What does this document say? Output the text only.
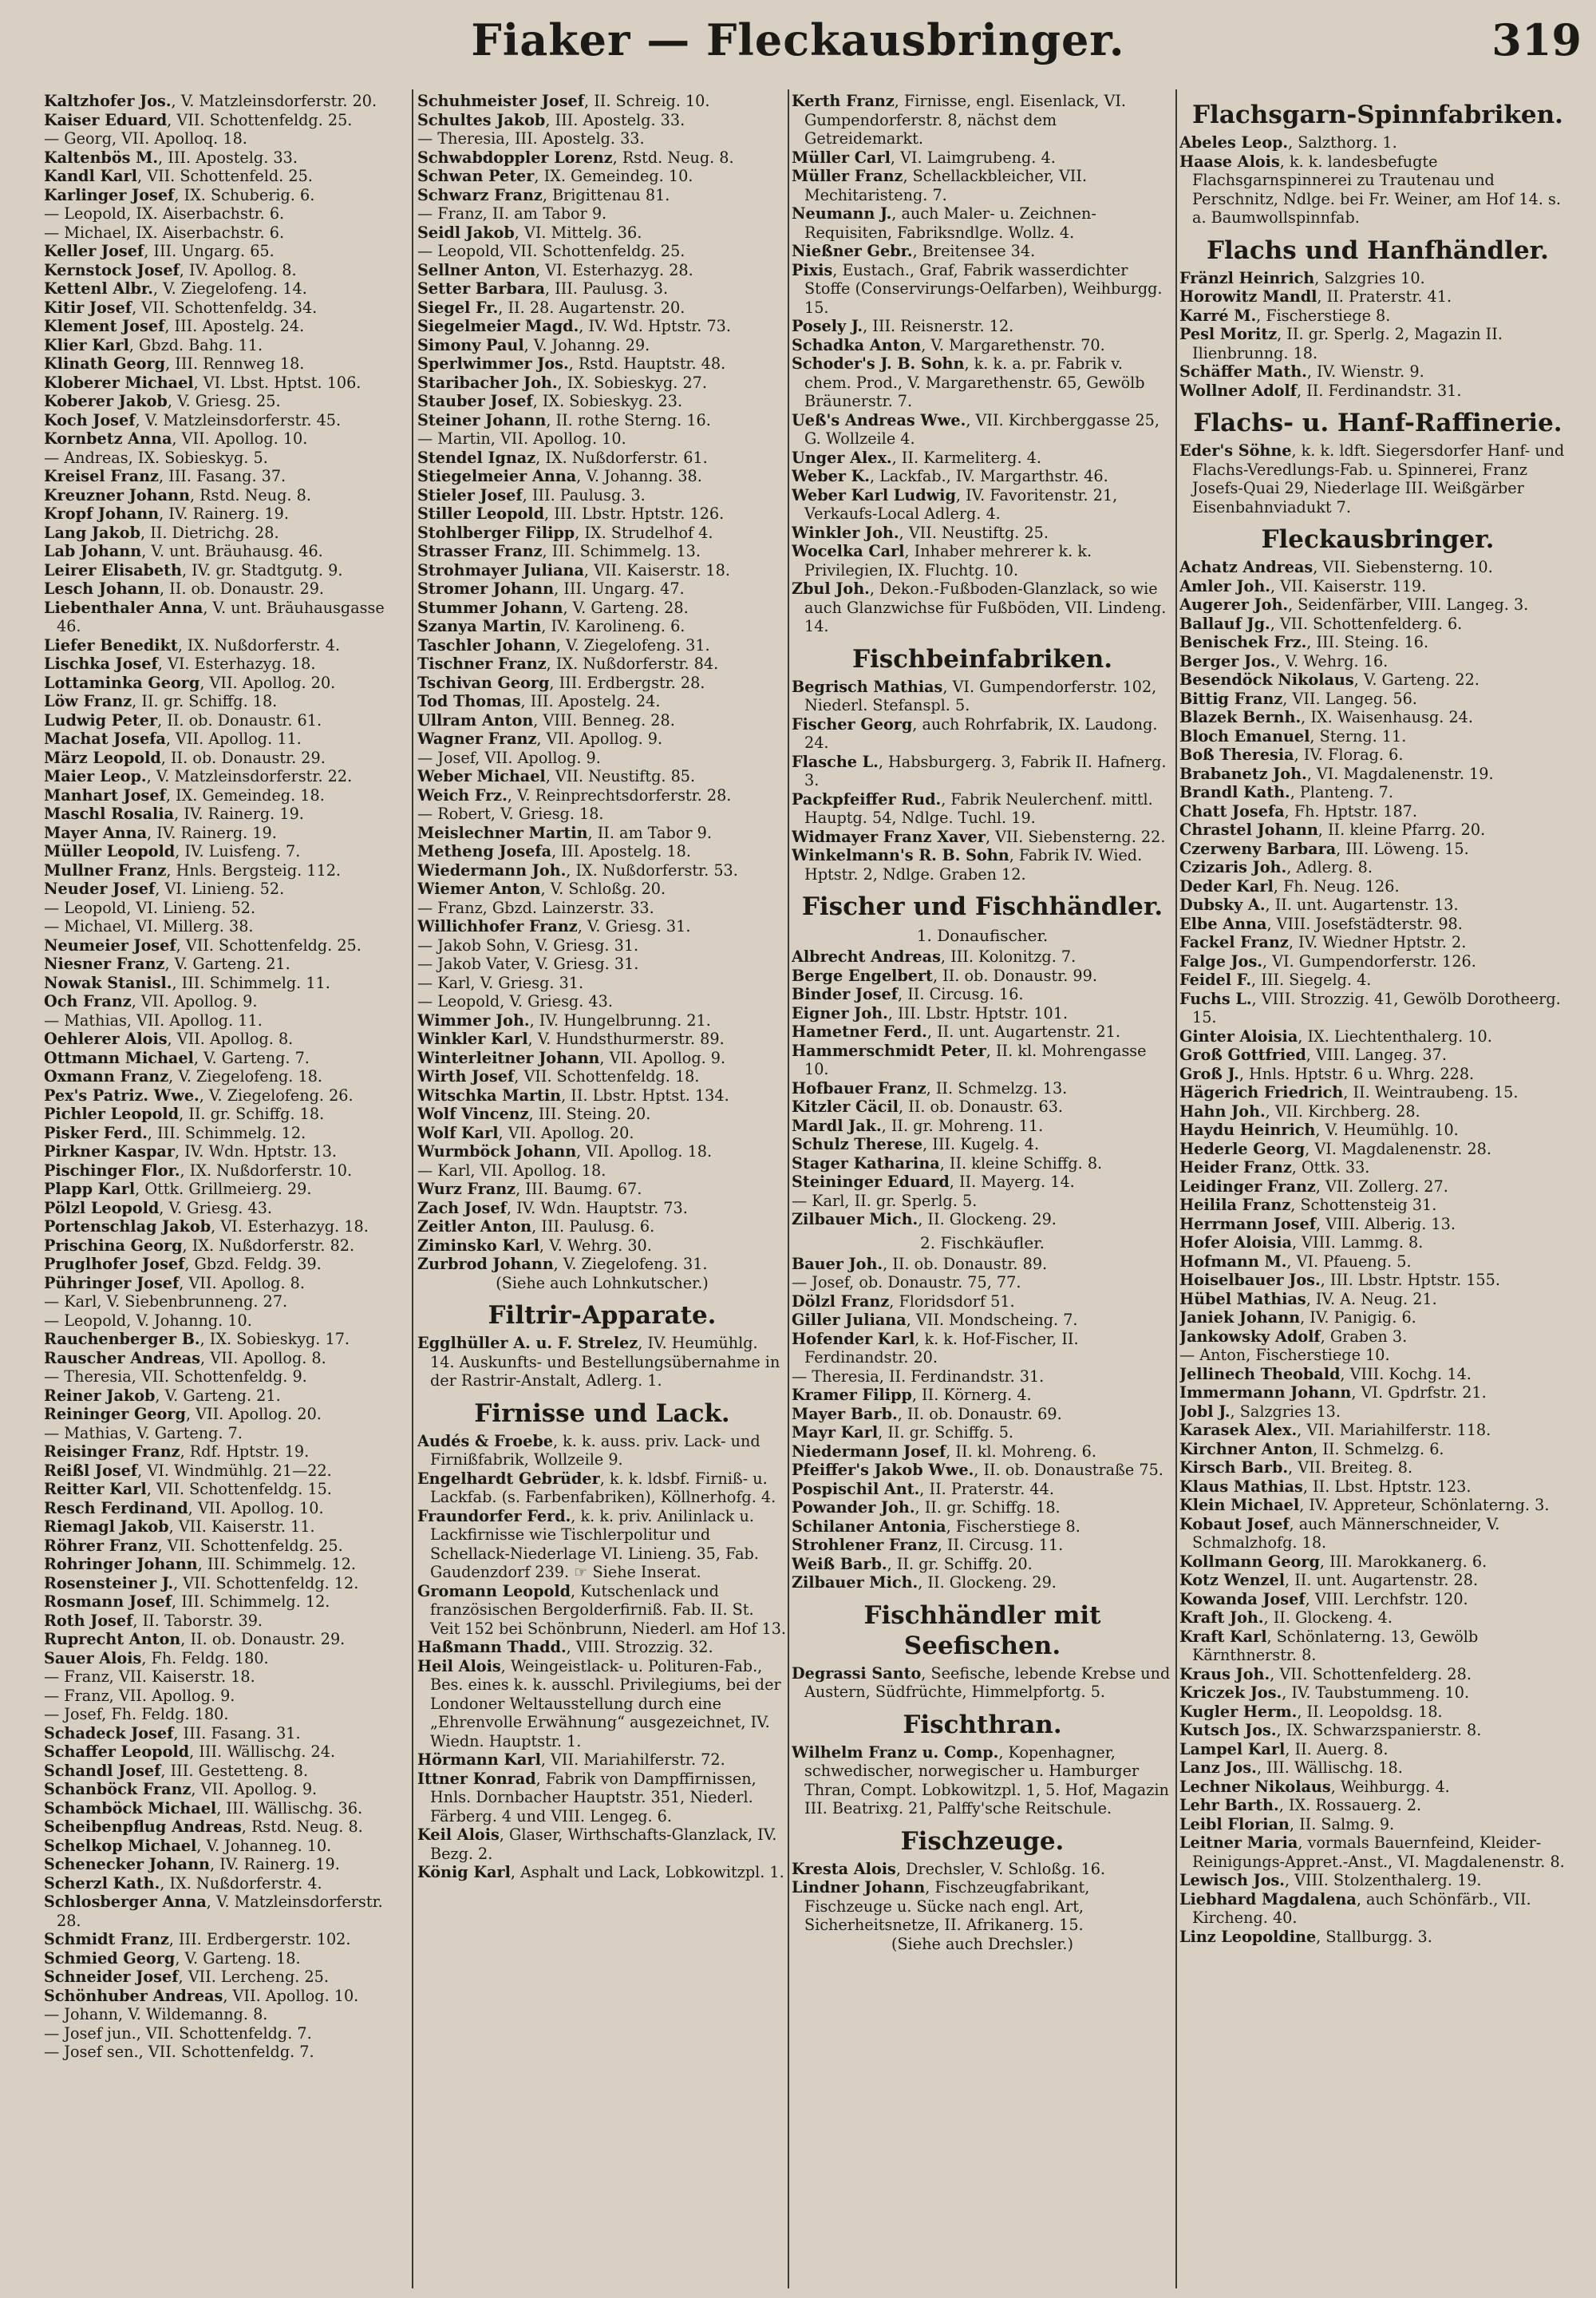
Fiaker — Fleckausbringer.	319

Kaltzhofer Jos., V. Matzleinsdorferstr. 20.

Kaiser Eduard, VII. Schottenfeldg. 25.

— Georg, VII. Apolloq. 18.

Kaltenbös M., III. Apostelg. 33.

Kandl Karl, VII. Schottenfeld. 25.

Karlinger Josef, IX. Schuberig. 6.

— Leopold, IX. Aiserbachstr. 6.

— Michael, IX. Aiserbachstr. 6.

Keller Josef, III. Ungarg. 65.

Kernstock Josef, IV. Apollog. 8.

Kettenl Albr., V. Ziegelofeng. 14.

Kitir Josef, VII. Schottenfeldg. 34.

Klement Josef, III. Apostelg. 24.

Klier Karl, Gbzd. Bahg. 11.

Klinath Georg, III. Rennweg 18.

Kloberer Michael, VI. Lbst. Hptst. 106.

Koberer Jakob, V. Griesg. 25.

Koch Josef, V. Matzleinsdorferstr. 45.

Kornbetz Anna, VII. Apollog. 10.

— Andreas, IX. Sobieskyg. 5.

Kreisel Franz, III. Fasang. 37.

Kreuzner Johann, Rstd. Neug. 8.

Kropf Johann, IV. Rainerg. 19.

Lang Jakob, II. Dietrichg. 28.

Lab Johann, V. unt. Bräuhausg. 46.

Leirer Elisabeth, IV. gr. Stadtgutg. 9.

Lesch Johann, II. ob. Donaustr. 29.

Liebenthaler Anna, V. unt. Bräuhausgasse 46.

Liefer Benedikt, IX. Nußdorferstr. 4.

Lischka Josef, VI. Esterhazyg. 18.

Lottaminka Georg, VII. Apollog. 20.

Löw Franz, II. gr. Schiffg. 18.

Ludwig Peter, II. ob. Donaustr. 61.

Machat Josefa, VII. Apollog. 11.

März Leopold, II. ob. Donaustr. 29.

Maier Leop., V. Matzleinsdorferstr. 22.

Manhart Josef, IX. Gemeindeg. 18.

Maschl Rosalia, IV. Rainerg. 19.

Mayer Anna, IV. Rainerg. 19.

Müller Leopold, IV. Luisfeng. 7.

Mullner Franz, Hnls. Bergsteig. 112.

Neuder Josef, VI. Linieng. 52.

— Leopold, VI. Linieng. 52.

— Michael, VI. Millerg. 38.

Neumeier Josef, VII. Schottenfeldg. 25.

Niesner Franz, V. Garteng. 21.

Nowak Stanisl., III. Schimmelg. 11.

Och Franz, VII. Apollog. 9.

— Mathias, VII. Apollog. 11.

Oehlerer Alois, VII. Apollog. 8.

Ottmann Michael, V. Garteng. 7.

Oxmann Franz, V. Ziegelofeng. 18.

Pex's Patriz. Wwe., V. Ziegelofeng. 26.

Pichler Leopold, II. gr. Schiffg. 18.

Pisker Ferd., III. Schimmelg. 12.

Pirkner Kaspar, IV. Wdn. Hptstr. 13.

Pischinger Flor., IX. Nußdorferstr. 10.

Plapp Karl, Ottk. Grillmeierg. 29.

Pölzl Leopold, V. Griesg. 43.

Portenschlag Jakob, VI. Esterhazyg. 18.

Prischina Georg, IX. Nußdorferstr. 82.

Pruglhofer Josef, Gbzd. Feldg. 39.

Pühringer Josef, VII. Apollog. 8.

— Karl, V. Siebenbrunneng. 27.

— Leopold, V. Johanng. 10.

Rauchenberger B., IX. Sobieskyg. 17.

Rauscher Andreas, VII. Apollog. 8.

— Theresia, VII. Schottenfeldg. 9.

Reiner Jakob, V. Garteng. 21.

Reininger Georg, VII. Apollog. 20.

— Mathias, V. Garteng. 7.

Reisinger Franz, Rdf. Hptstr. 19.

Reißl Josef, VI. Windmühlg. 21—22.

Reitter Karl, VII. Schottenfeldg. 15.

Resch Ferdinand, VII. Apollog. 10.

Riemagl Jakob, VII. Kaiserstr. 11.

Röhrer Franz, VII. Schottenfeldg. 25.

Rohringer Johann, III. Schimmelg. 12.

Rosensteiner J., VII. Schottenfeldg. 12.

Rosmann Josef, III. Schimmelg. 12.

Roth Josef, II. Taborstr. 39.

Ruprecht Anton, II. ob. Donaustr. 29.

Sauer Alois, Fh. Feldg. 180.

— Franz, VII. Kaiserstr. 18.

— Franz, VII. Apollog. 9.

— Josef, Fh. Feldg. 180.

Schadeck Josef, III. Fasang. 31.

Schaffer Leopold, III. Wällischg. 24.

Schandl Josef, III. Gestetteng. 8.

Schanböck Franz, VII. Apollog. 9.

Schamböck Michael, III. Wällischg. 36.

Scheibenpflug Andreas, Rstd. Neug. 8.

Schelkop Michael, V. Johanneg. 10.

Schenecker Johann, IV. Rainerg. 19.

Scherzl Kath., IX. Nußdorferstr. 4.

Schlosberger Anna, V. Matzleinsdorferstr. 28.

Schmidt Franz, III. Erdbergerstr. 102.

Schmied Georg, V. Garteng. 18.

Schneider Josef, VII. Lercheng. 25.

Schönhuber Andreas, VII. Apollog. 10.

— Johann, V. Wildemanng. 8.

— Josef jun., VII. Schottenfeldg. 7.

— Josef sen., VII. Schottenfeldg. 7.

Schuhmeister Josef, II. Schreig. 10.

Schultes Jakob, III. Apostelg. 33.

— Theresia, III. Apostelg. 33.

Schwabdoppler Lorenz, Rstd. Neug. 8.

Schwan Peter, IX. Gemeindeg. 10.

Schwarz Franz, Brigittenau 81.

— Franz, II. am Tabor 9.

Seidl Jakob, VI. Mittelg. 36.

— Leopold, VII. Schottenfeldg. 25.

Sellner Anton, VI. Esterhazyg. 28.

Setter Barbara, III. Paulusg. 3.

Siegel Fr., II. 28. Augartenstr. 20.

Siegelmeier Magd., IV. Wd. Hptstr. 73.

Simony Paul, V. Johanng. 29.

Sperlwimmer Jos., Rstd. Hauptstr. 48.

Staribacher Joh., IX. Sobieskyg. 27.

Stauber Josef, IX. Sobieskyg. 23.

Steiner Johann, II. rothe Sterng. 16.

— Martin, VII. Apollog. 10.

Stendel Ignaz, IX. Nußdorferstr. 61.

Stiegelmeier Anna, V. Johanng. 38.

Stieler Josef, III. Paulusg. 3.

Stiller Leopold, III. Lbstr. Hptstr. 126.

Stohlberger Filipp, IX. Strudelhof 4.

Strasser Franz, III. Schimmelg. 13.

Strohmayer Juliana, VII. Kaiserstr. 18.

Stromer Johann, III. Ungarg. 47.

Stummer Johann, V. Garteng. 28.

Szanya Martin, IV. Karolineng. 6.

Taschler Johann, V. Ziegelofeng. 31.

Tischner Franz, IX. Nußdorferstr. 84.

Tschivan Georg, III. Erdbergstr. 28.

Tod Thomas, III. Apostelg. 24.

Ullram Anton, VIII. Benneg. 28.

Wagner Franz, VII. Apollog. 9.

— Josef, VII. Apollog. 9.

Weber Michael, VII. Neustiftg. 85.

Weich Frz., V. Reinprechtsdorferstr. 28.

— Robert, V. Griesg. 18.

Meislechner Martin, II. am Tabor 9.

Metheng Josefa, III. Apostelg. 18.

Wiedermann Joh., IX. Nußdorferstr. 53.

Wiemer Anton, V. Schloßg. 20.

— Franz, Gbzd. Lainzerstr. 33.

Willichhofer Franz, V. Griesg. 31.

— Jakob Sohn, V. Griesg. 31.

— Jakob Vater, V. Griesg. 31.

— Karl, V. Griesg. 31.

— Leopold, V. Griesg. 43.

Wimmer Joh., IV. Hungelbrunng. 21.

Winkler Karl, V. Hundsthurmerstr. 89.

Winterleitner Johann, VII. Apollog. 9.

Wirth Josef, VII. Schottenfeldg. 18.

Witschka Martin, II. Lbstr. Hptst. 134.

Wolf Vincenz, III. Steing. 20.

Wolf Karl, VII. Apollog. 20.

Wurmböck Johann, VII. Apollog. 18.

— Karl, VII. Apollog. 18.

Wurz Franz, III. Baumg. 67.

Zach Josef, IV. Wdn. Hauptstr. 73.

Zeitler Anton, III. Paulusg. 6.

Ziminsko Karl, V. Wehrg. 30.

Zurbrod Johann, V. Ziegelofeng. 31.

(Siehe auch Lohnkutscher.)

Filtrir-Apparate.

Egglhüller A. u. F. Strelez, IV. Heumühlg. 14. Auskunfts- und Bestellungsübernahme in der Rastrir-Anstalt, Adlerg. 1.

Firnisse und Lack.

Audés & Froebe, k. k. auss. priv. Lack- und Firnißfabrik, Wollzeile 9.

Engelhardt Gebrüder, k. k. ldsbf. Firniß- u. Lackfab. (s. Farbenfabriken), Köllnerhofg. 4.

Fraundorfer Ferd., k. k. priv. Anilinlack u. Lackfirnisse wie Tischlerpolitur und Schellack-Niederlage VI. Linieng. 35, Fab. Gaudenzdorf 239. ☞ Siehe Inserat.

Gromann Leopold, Kutschenlack und französischen Bergolderfirniß. Fab. II. St. Veit 152 bei Schönbrunn, Niederl. am Hof 13.

Haßmann Thadd., VIII. Strozzig. 32.

Heil Alois, Weingeistlack- u. Polituren-Fab., Bes. eines k. k. ausschl. Privilegiums, bei der Londoner Weltausstellung durch eine „Ehrenvolle Erwähnung“ ausgezeichnet, IV. Wiedn. Hauptstr. 1.

Hörmann Karl, VII. Mariahilferstr. 72.

Ittner Konrad, Fabrik von Dampffirnissen, Hnls. Dornbacher Hauptstr. 351, Niederl. Färberg. 4 und VIII. Lengeg. 6.

Keil Alois, Glaser, Wirthschafts-Glanzlack, IV. Bezg. 2.

König Karl, Asphalt und Lack, Lobkowitzpl. 1.

Kerth Franz, Firnisse, engl. Eisenlack, VI. Gumpendorferstr. 8, nächst dem Getreidemarkt.

Müller Carl, VI. Laimgrubeng. 4.

Müller Franz, Schellackbleicher, VII. Mechitaristeng. 7.

Neumann J., auch Maler- u. Zeichnen-Requisiten, Fabriksndlge. Wollz. 4.

Nießner Gebr., Breitensee 34.

Pixis, Eustach., Graf, Fabrik wasserdichter Stoffe (Conservirungs-Oelfarben), Weihburgg. 15.

Posely J., III. Reisnerstr. 12.

Schadka Anton, V. Margarethenstr. 70.

Schoder's J. B. Sohn, k. k. a. pr. Fabrik v. chem. Prod., V. Margarethenstr. 65, Gewölb Bräunerstr. 7.

Ueß's Andreas Wwe., VII. Kirchberggasse 25, G. Wollzeile 4.

Unger Alex., II. Karmeliterg. 4.

Weber K., Lackfab., IV. Margarthstr. 46.

Weber Karl Ludwig, IV. Favoritenstr. 21, Verkaufs-Local Adlerg. 4.

Winkler Joh., VII. Neustiftg. 25.

Wocelka Carl, Inhaber mehrerer k. k. Privilegien, IX. Fluchtg. 10.

Zbul Joh., Dekon.-Fußboden-Glanzlack, so wie auch Glanzwichse für Fußböden, VII. Lindeng. 14.

Fischbeinfabriken.

Begrisch Mathias, VI. Gumpendorferstr. 102, Niederl. Stefanspl. 5.

Fischer Georg, auch Rohrfabrik, IX. Laudong. 24.

Flasche L., Habsburgerg. 3, Fabrik II. Hafnerg. 3.

Packpfeiffer Rud., Fabrik Neulerchenf. mittl. Hauptg. 54, Ndlge. Tuchl. 19.

Widmayer Franz Xaver, VII. Siebensterng. 22.

Winkelmann's R. B. Sohn, Fabrik IV. Wied. Hptstr. 2, Ndlge. Graben 12.

Fischer und Fischhändler.

1. Donaufischer.

Albrecht Andreas, III. Kolonitzg. 7.

Berge Engelbert, II. ob. Donaustr. 99.

Binder Josef, II. Circusg. 16.

Eigner Joh., III. Lbstr. Hptstr. 101.

Hametner Ferd., II. unt. Augartenstr. 21.

Hammerschmidt Peter, II. kl. Mohrengasse 10.

Hofbauer Franz, II. Schmelzg. 13.

Kitzler Cäcil, II. ob. Donaustr. 63.

Mardl Jak., II. gr. Mohreng. 11.

Schulz Therese, III. Kugelg. 4.

Stager Katharina, II. kleine Schiffg. 8.

Steininger Eduard, II. Mayerg. 14.

— Karl, II. gr. Sperlg. 5.

Zilbauer Mich., II. Glockeng. 29.

2. Fischkäufler.

Bauer Joh., II. ob. Donaustr. 89.

— Josef, ob. Donaustr. 75, 77.

Dölzl Franz, Floridsdorf 51.

Giller Juliana, VII. Mondscheing. 7.

Hofender Karl, k. k. Hof-Fischer, II. Ferdinandstr. 20.

— Theresia, II. Ferdinandstr. 31.

Kramer Filipp, II. Körnerg. 4.

Mayer Barb., II. ob. Donaustr. 69.

Mayr Karl, II. gr. Schiffg. 5.

Niedermann Josef, II. kl. Mohreng. 6.

Pfeiffer's Jakob Wwe., II. ob. Donaustraße 75.

Pospischil Ant., II. Praterstr. 44.

Powander Joh., II. gr. Schiffg. 18.

Schilaner Antonia, Fischerstiege 8.

Strohlener Franz, II. Circusg. 11.

Weiß Barb., II. gr. Schiffg. 20.

Zilbauer Mich., II. Glockeng. 29.

Fischhändler mit Seefischen.

Degrassi Santo, Seefische, lebende Krebse und Austern, Südfrüchte, Himmelpfortg. 5.

Fischthran.

Wilhelm Franz u. Comp., Kopenhagner, schwedischer, norwegischer u. Hamburger Thran, Compt. Lobkowitzpl. 1, 5. Hof, Magazin III. Beatrixg. 21, Palffy'sche Reitschule.

Fischzeuge.

Kresta Alois, Drechsler, V. Schloßg. 16.

Lindner Johann, Fischzeugfabrikant, Fischzeuge u. Sücke nach engl. Art, Sicherheitsnetze, II. Afrikanerg. 15.

(Siehe auch Drechsler.)

Flachsgarn-Spinnfabriken.

Abeles Leop., Salzthorg. 1.

Haase Alois, k. k. landesbefugte Flachsgarnspinnerei zu Trautenau und Perschnitz, Ndlge. bei Fr. Weiner, am Hof 14. s. a. Baumwollspinnfab.

Flachs und Hanfhändler.

Fränzl Heinrich, Salzgries 10.

Horowitz Mandl, II. Praterstr. 41.

Karré M., Fischerstiege 8.

Pesl Moritz, II. gr. Sperlg. 2, Magazin II. Ilienbrunng. 18.

Schäffer Math., IV. Wienstr. 9.

Wollner Adolf, II. Ferdinandstr. 31.

Flachs- u. Hanf-Raffinerie.

Eder's Söhne, k. k. ldft. Siegersdorfer Hanf- und Flachs-Veredlungs-Fab. u. Spinnerei, Franz Josefs-Quai 29, Niederlage III. Weißgärber Eisenbahnviadukt 7.

Fleckausbringer.

Achatz Andreas, VII. Siebensterng. 10.

Amler Joh., VII. Kaiserstr. 119.

Augerer Joh., Seidenfärber, VIII. Langeg. 3.

Ballauf Jg., VII. Schottenfelderg. 6.

Benischek Frz., III. Steing. 16.

Berger Jos., V. Wehrg. 16.

Besendöck Nikolaus, V. Garteng. 22.

Bittig Franz, VII. Langeg. 56.

Blazek Bernh., IX. Waisenhausg. 24.

Bloch Emanuel, Sterng. 11.

Boß Theresia, IV. Florag. 6.

Brabanetz Joh., VI. Magdalenenstr. 19.

Brandl Kath., Planteng. 7.

Chatt Josefa, Fh. Hptstr. 187.

Chrastel Johann, II. kleine Pfarrg. 20.

Czerweny Barbara, III. Löweng. 15.

Czizaris Joh., Adlerg. 8.

Deder Karl, Fh. Neug. 126.

Dubsky A., II. unt. Augartenstr. 13.

Elbe Anna, VIII. Josefstädterstr. 98.

Fackel Franz, IV. Wiedner Hptstr. 2.

Falge Jos., VI. Gumpendorferstr. 126.

Feidel F., III. Siegelg. 4.

Fuchs L., VIII. Strozzig. 41, Gewölb Dorotheerg. 15.

Ginter Aloisia, IX. Liechtenthalerg. 10.

Groß Gottfried, VIII. Langeg. 37.

Groß J., Hnls. Hptstr. 6 u. Whrg. 228.

Hägerich Friedrich, II. Weintraubeng. 15.

Hahn Joh., VII. Kirchberg. 28.

Haydu Heinrich, V. Heumühlg. 10.

Hederle Georg, VI. Magdalenenstr. 28.

Heider Franz, Ottk. 33.

Leidinger Franz, VII. Zollerg. 27.

Heilila Franz, Schottensteig 31.

Herrmann Josef, VIII. Alberig. 13.

Hofer Aloisia, VIII. Lammg. 8.

Hofmann M., VI. Pfaueng. 5.

Hoiselbauer Jos., III. Lbstr. Hptstr. 155.

Hübel Mathias, IV. A. Neug. 21.

Janiek Johann, IV. Panigig. 6.

Jankowsky Adolf, Graben 3.

— Anton, Fischerstiege 10.

Jellinech Theobald, VIII. Kochg. 14.

Immermann Johann, VI. Gpdrfstr. 21.

Jobl J., Salzgries 13.

Karasek Alex., VII. Mariahilferstr. 118.

Kirchner Anton, II. Schmelzg. 6.

Kirsch Barb., VII. Breiteg. 8.

Klaus Mathias, II. Lbst. Hptstr. 123.

Klein Michael, IV. Appreteur, Schönlaterng. 3.

Kobaut Josef, auch Männerschneider, V. Schmalzhofg. 18.

Kollmann Georg, III. Marokkanerg. 6.

Kotz Wenzel, II. unt. Augartenstr. 28.

Kowanda Josef, VIII. Lerchfstr. 120.

Kraft Joh., II. Glockeng. 4.

Kraft Karl, Schönlaterng. 13, Gewölb Kärnthnerstr. 8.

Kraus Joh., VII. Schottenfelderg. 28.

Kriczek Jos., IV. Taubstummeng. 10.

Kugler Herm., II. Leopoldsg. 18.

Kutsch Jos., IX. Schwarzspanierstr. 8.

Lampel Karl, II. Auerg. 8.

Lanz Jos., III. Wällischg. 18.

Lechner Nikolaus, Weihburgg. 4.

Lehr Barth., IX. Rossauerg. 2.

Leibl Florian, II. Salmg. 9.

Leitner Maria, vormals Bauernfeind, Kleider-Reinigungs-Appret.-Anst., VI. Magdalenenstr. 8.

Lewisch Jos., VIII. Stolzenthalerg. 19.

Liebhard Magdalena, auch Schönfärb., VII. Kircheng. 40.

Linz Leopoldine, Stallburgg. 3.
